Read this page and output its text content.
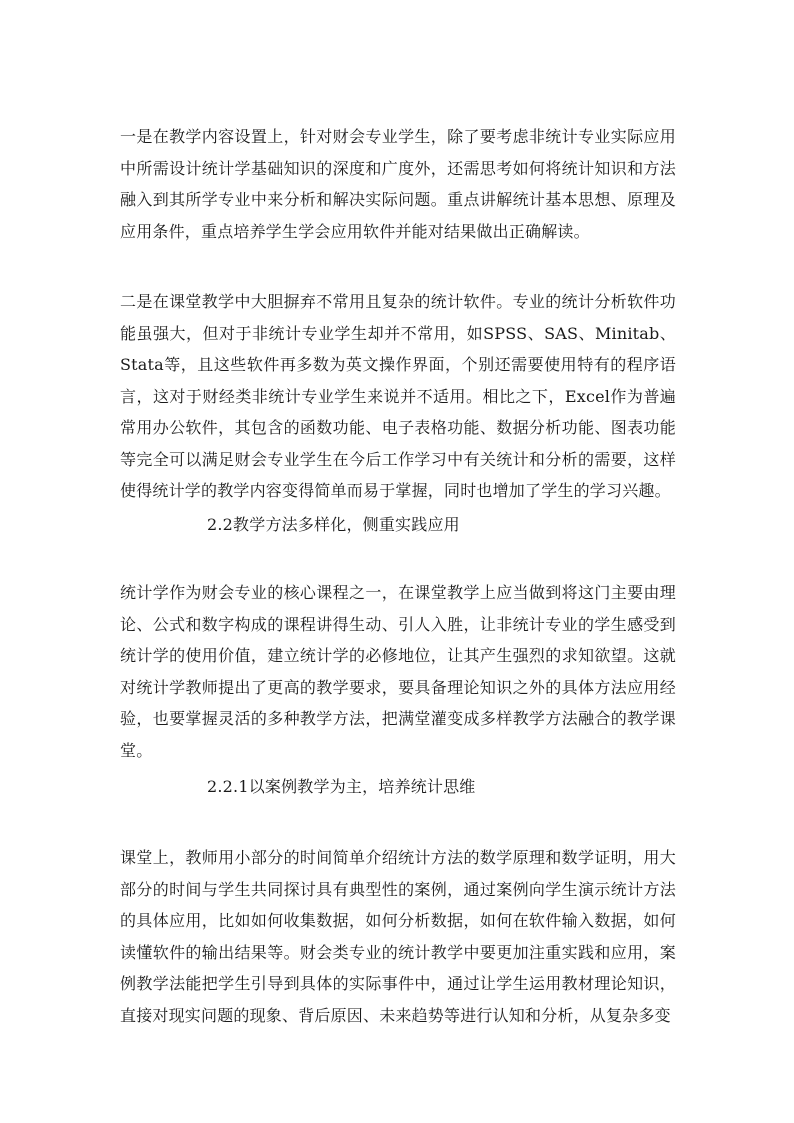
一是在教学内容设置上，针对财会专业学生，除了要考虑非统计专业实际应用中所需设计统计学基础知识的深度和广度外，还需思考如何将统计知识和方法融入到其所学专业中来分析和解决实际问题。重点讲解统计基本思想、原理及应用条件，重点培养学生学会应用软件并能对结果做出正确解读。

二是在课堂教学中大胆摒弃不常用且复杂的统计软件。专业的统计分析软件功能虽强大，但对于非统计专业学生却并不常用，如SPSS、SAS、Minitab、Stata等，且这些软件再多数为英文操作界面，个别还需要使用特有的程序语言，这对于财经类非统计专业学生来说并不适用。相比之下，Excel作为普遍常用办公软件，其包含的函数功能、电子表格功能、数据分析功能、图表功能等完全可以满足财会专业学生在今后工作学习中有关统计和分析的需要，这样使得统计学的教学内容变得简单而易于掌握，同时也增加了学生的学习兴趣。

2.2教学方法多样化，侧重实践应用

统计学作为财会专业的核心课程之一，在课堂教学上应当做到将这门主要由理论、公式和数字构成的课程讲得生动、引人入胜，让非统计专业的学生感受到统计学的使用价值，建立统计学的必修地位，让其产生强烈的求知欲望。这就对统计学教师提出了更高的教学要求，要具备理论知识之外的具体方法应用经验，也要掌握灵活的多种教学方法，把满堂灌变成多样教学方法融合的教学课堂。

2.2.1以案例教学为主，培养统计思维

课堂上，教师用小部分的时间简单介绍统计方法的数学原理和数学证明，用大部分的时间与学生共同探讨具有典型性的案例，通过案例向学生演示统计方法的具体应用，比如如何收集数据，如何分析数据，如何在软件输入数据，如何读懂软件的输出结果等。财会类专业的统计教学中要更加注重实践和应用，案例教学法能把学生引导到具体的实际事件中，通过让学生运用教材理论知识，直接对现实问题的现象、背后原因、未来趋势等进行认知和分析，从复杂多变
